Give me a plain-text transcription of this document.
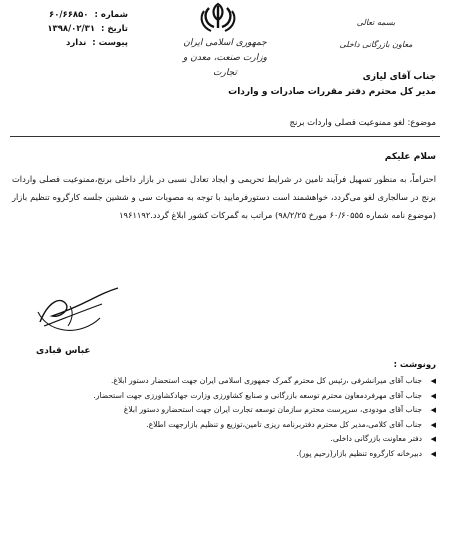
شماره :
۶۰/۶۶۸۵۰
تاریخ :
۱۳۹۸/۰۲/۳۱
پیوست :
ندارد	جمهوری اسلامی ایران
وزارت صنعت، معدن و تجارت
بسمه تعالی
معاون بازرگانی داخلی
جناب آقای لیازی
مدیر کل محترم دفتر مقررات صادرات و واردات
موضوع: لغو ممنوعیت فصلی واردات برنج
سلام علیکم
احتراماً، به منظور تسهیل فرآیند تامین در شرایط تحریمی و ایجاد تعادل نسبی در بازار داخلی برنج،ممنوعیت فصلی واردات برنج در سالجاری لغو می‌گردد، خواهشمند است دستورفرمایید با توجه به مصوبات سی و ششین جلسه کارگروه تنظیم بازار (موضوع نامه شماره ۶۰/۶۰۵۵۵ مورخ ۹۸/۲/۲۵) مراتب به گمرکات کشور ابلاغ گردد.۱۹۶۱۱۹۲
عباس قبادی
رونوشت :
◀ جناب آقای میرانشرفی ،رئیس کل محترم گمرک جمهوری اسلامی ایران جهت استحضار دستور ابلاغ.
◀ جناب آقای مهرفردمعاون محترم توسعه بازرگانی و صنایع کشاورزی وزارت جهادکشاورزی جهت استحضار.
◀ جناب آقای مودودی، سرپرست محترم سازمان توسعه تجارت ایران جهت استحضارو دستور ابلاغ
◀ جناب آقای کلامی،مدیر کل محترم دفتربرنامه ریزی تامین،توزیع و تنظیم بازارجهت اطلاع.
◀ دفتر معاونت بازرگانی داخلی.
◀ دبیرخانه کارگروه تنظیم بازار(رحیم پور).
